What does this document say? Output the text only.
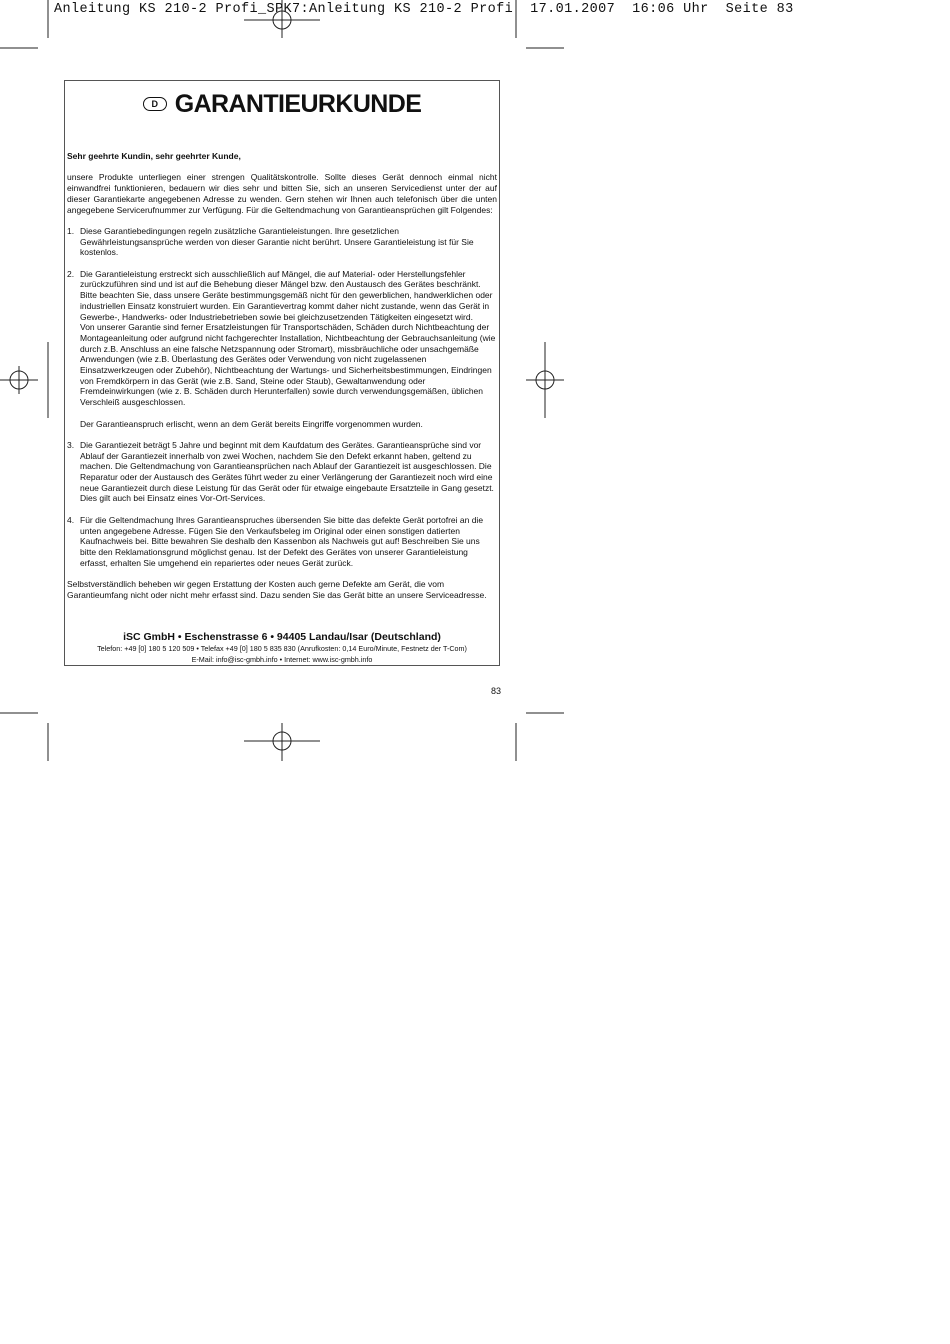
Anleitung KS 210-2 Profi_SPK7:Anleitung KS 210-2 Profi  17.01.2007  16:06 Uhr  Seite 83
D GARANTIEURKUNDE

Sehr geehrte Kundin, sehr geehrter Kunde,

unsere Produkte unterliegen einer strengen Qualitätskontrolle. Sollte dieses Gerät dennoch einmal nicht einwandfrei funktionieren, bedauern wir dies sehr und bitten Sie, sich an unseren Servicedienst unter der auf dieser Garantiekarte angegebenen Adresse zu wenden. Gern stehen wir Ihnen auch telefonisch über die unten angegebene Servicerufnummer zur Verfügung. Für die Geltendmachung von Garantieansprüchen gilt Folgendes:

1. Diese Garantiebedingungen regeln zusätzliche Garantieleistungen. Ihre gesetzlichen Gewährleistungsansprüche werden von dieser Garantie nicht berührt. Unsere Garantieleistung ist für Sie kostenlos.

2. Die Garantieleistung erstreckt sich ausschließlich auf Mängel, die auf Material- oder Herstellungsfehler zurückzuführen sind und ist auf die Behebung dieser Mängel bzw. den Austausch des Gerätes beschränkt. Bitte beachten Sie, dass unsere Geräte bestimmungsgemäß nicht für den gewerblichen, handwerklichen oder industriellen Einsatz konstruiert wurden. Ein Garantievertrag kommt daher nicht zustande, wenn das Gerät in Gewerbe-, Handwerks- oder Industriebetrieben sowie bei gleichzusetzenden Tätigkeiten eingesetzt wird.

Von unserer Garantie sind ferner Ersatzleistungen für Transportschäden, Schäden durch Nichtbeachtung der Montageanleitung oder aufgrund nicht fachgerechter Installation, Nichtbeachtung der Gebrauchsanleitung (wie durch z.B. Anschluss an eine falsche Netzspannung oder Stromart), missbräuchliche oder unsachgemäße Anwendungen (wie z.B. Überlastung des Gerätes oder Verwendung von nicht zugelassenen Einsatzwerkzeugen oder Zubehör), Nichtbeachtung der Wartungs- und Sicherheitsbestimmungen, Eindringen von Fremdkörpern in das Gerät (wie z.B. Sand, Steine oder Staub), Gewaltanwendung oder Fremdeinwirkungen (wie z. B. Schäden durch Herunterfallen) sowie durch verwendungsgemäßen, üblichen Verschleiß ausgeschlossen.

Der Garantieanspruch erlischt, wenn an dem Gerät bereits Eingriffe vorgenommen wurden.

3. Die Garantiezeit beträgt 5 Jahre und beginnt mit dem Kaufdatum des Gerätes. Garantieansprüche sind vor Ablauf der Garantiezeit innerhalb von zwei Wochen, nachdem Sie den Defekt erkannt haben, geltend zu machen. Die Geltendmachung von Garantieansprüchen nach Ablauf der Garantiezeit ist ausgeschlossen. Die Reparatur oder der Austausch des Gerätes führt weder zu einer Verlängerung der Garantiezeit noch wird eine neue Garantiezeit durch diese Leistung für das Gerät oder für etwaige eingebaute Ersatzteile in Gang gesetzt. Dies gilt auch bei Einsatz eines Vor-Ort-Services.

4. Für die Geltendmachung Ihres Garantieanspruches übersenden Sie bitte das defekte Gerät portofrei an die unten angegebene Adresse. Fügen Sie den Verkaufsbeleg im Original oder einen sonstigen datierten Kaufnachweis bei. Bitte bewahren Sie deshalb den Kassenbon als Nachweis gut auf! Beschreiben Sie uns bitte den Reklamationsgrund möglichst genau. Ist der Defekt des Gerätes von unserer Garantieleistung erfasst, erhalten Sie umgehend ein repariertes oder neues Gerät zurück.

Selbstverständlich beheben wir gegen Erstattung der Kosten auch gerne Defekte am Gerät, die vom Garantieumfang nicht oder nicht mehr erfasst sind. Dazu senden Sie das Gerät bitte an unsere Serviceadresse.

iSC GmbH • Eschenstrasse 6 • 94405 Landau/Isar (Deutschland)
Telefon: +49 [0] 180 5 120 509 • Telefax +49 [0] 180 5 835 830 (Anrufkosten: 0,14 Euro/Minute, Festnetz der T-Com)
E-Mail: info@isc-gmbh.info • Internet: www.isc-gmbh.info
83
